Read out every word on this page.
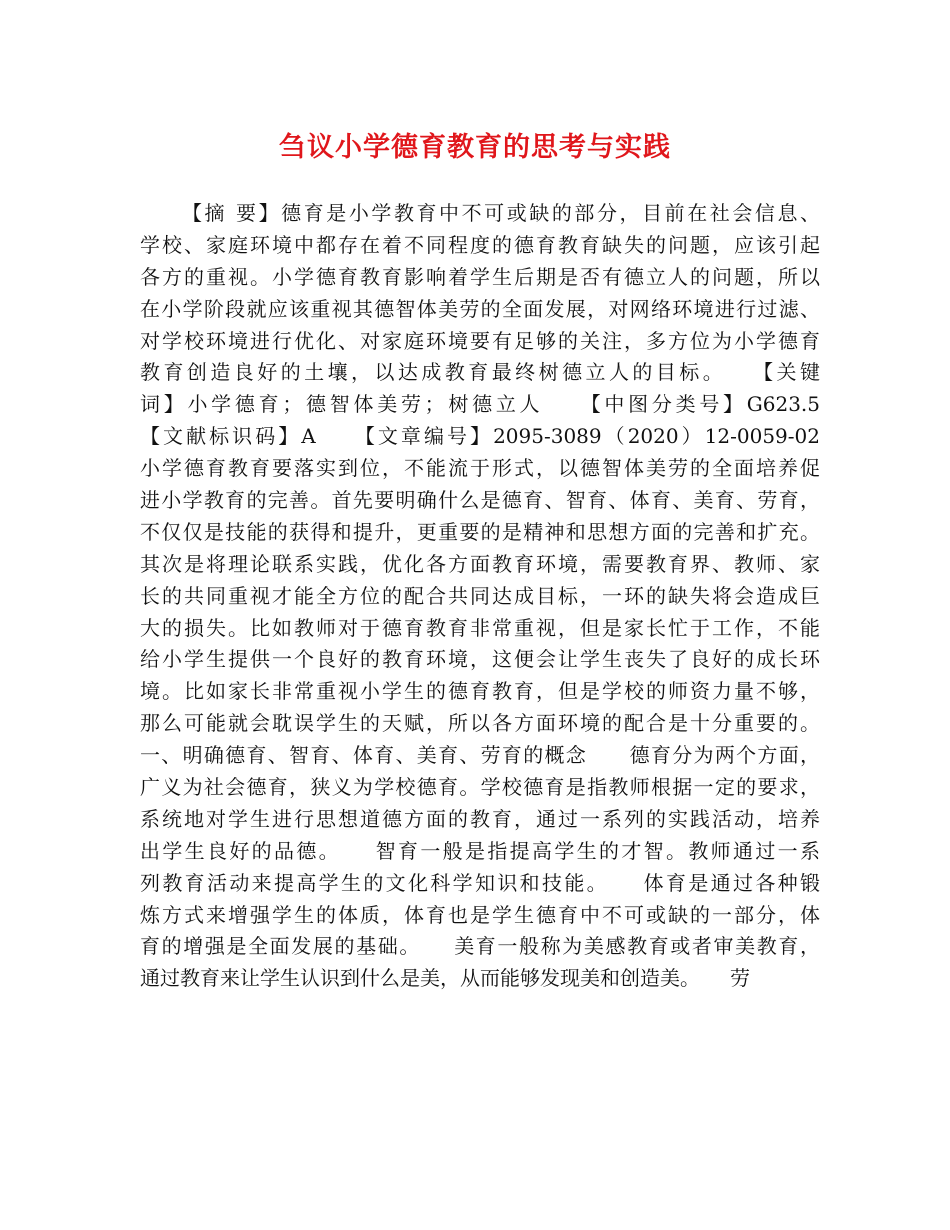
刍议小学德育教育的思考与实践
【摘 要】德育是小学教育中不可或缺的部分，目前在社会信息、
学校、家庭环境中都存在着不同程度的德育教育缺失的问题，应该引起
各方的重视。小学德育教育影响着学生后期是否有德立人的问题，所以
在小学阶段就应该重视其德智体美劳的全面发展，对网络环境进行过滤、
对学校环境进行优化、对家庭环境要有足够的关注，多方位为小学德育
教育创造良好的土壤，以达成教育最终树德立人的目标。　　【关键
词】小学德育；德智体美劳；树德立人　　【中图分类号】G623.5
【文献标识码】A　　【文章编号】2095-3089（2020）12-0059-02
小学德育教育要落实到位，不能流于形式，以德智体美劳的全面培养促
进小学教育的完善。首先要明确什么是德育、智育、体育、美育、劳育，
不仅仅是技能的获得和提升，更重要的是精神和思想方面的完善和扩充。
其次是将理论联系实践，优化各方面教育环境，需要教育界、教师、家
长的共同重视才能全方位的配合共同达成目标，一环的缺失将会造成巨
大的损失。比如教师对于德育教育非常重视，但是家长忙于工作，不能
给小学生提供一个良好的教育环境，这便会让学生丧失了良好的成长环
境。比如家长非常重视小学生的德育教育，但是学校的师资力量不够，
那么可能就会耽误学生的天赋，所以各方面环境的配合是十分重要的。
一、明确德育、智育、体育、美育、劳育的概念　　德育分为两个方面，
广义为社会德育，狭义为学校德育。学校德育是指教师根据一定的要求，
系统地对学生进行思想道德方面的教育，通过一系列的实践活动，培养
出学生良好的品德。　　智育一般是指提高学生的才智。教师通过一系
列教育活动来提高学生的文化科学知识和技能。　　体育是通过各种锻
炼方式来增强学生的体质，体育也是学生德育中不可或缺的一部分，体
育的增强是全面发展的基础。　　美育一般称为美感教育或者审美教育，
通过教育来让学生认识到什么是美，从而能够发现美和创造美。　　劳
